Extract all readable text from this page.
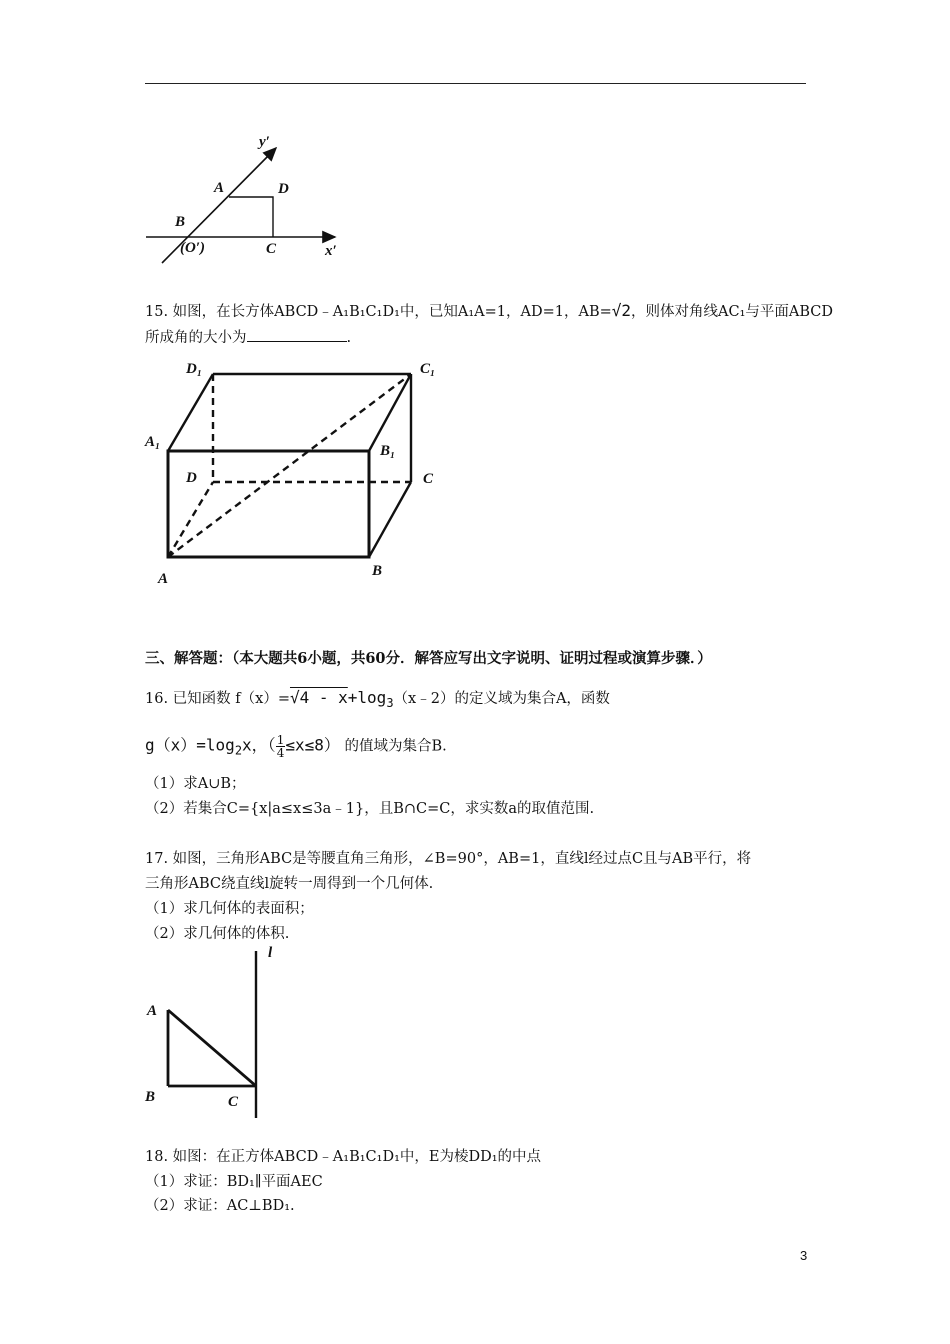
y′
x′
A	D
B
(O′)	C
15. 如图，在长方体ABCD﹣A₁B₁C₁D₁中，已知A₁A=1，AD=1，AB=√2，则体对角线AC₁与平面ABCD
所成角的大小为	.
D₁	C₁
A₁
B₁
D	C
A	B
三、解答题：（本大题共6小题，共60分．解答应写出文字说明、证明过程或演算步骤．）
16. 已知函数 $f(x)=√4 - x+\log_3(x﹣2)$的定义域为集合A，函数
$g(x)=\log_2x$，（ $\frac{1}{4} \le x\le 8$） 的值域为集合B.
（1）求A∪B；
（2）若集合C={x|a≤x≤3a﹣1}，且B∩C=C，求实数a的取值范围.
17. 如图，三角形ABC是等腰直角三角形，∠B=90°，AB=1，直线l经过点C且与AB平行，将
三角形ABC绕直线l旋转一周得到一个几何体.
（1）求几何体的表面积；
（2）求几何体的体积.
l
A
B	C
18. 如图：在正方体ABCD﹣A₁B₁C₁D₁中，E为棱DD₁的中点
（1）求证：BD₁∥平面AEC
（2）求证：AC⊥BD₁.
3
